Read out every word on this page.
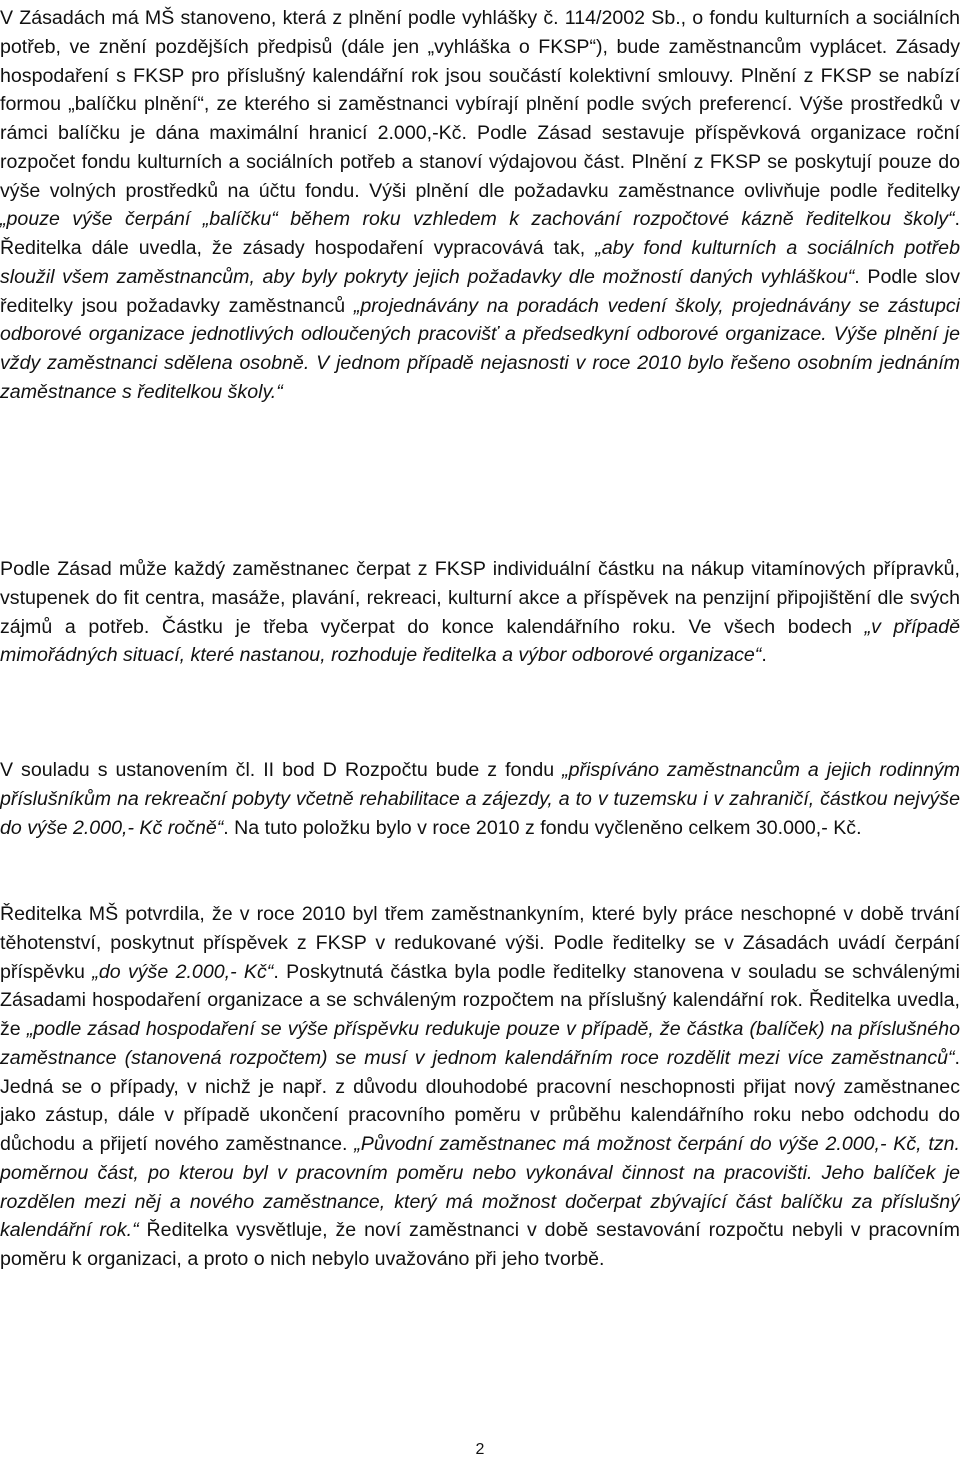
V Zásadách má MŠ stanoveno, která z plnění podle vyhlášky č. 114/2002 Sb., o fondu kulturních a sociálních potřeb, ve znění pozdějších předpisů (dále jen „vyhláška o FKSP“), bude zaměstnancům vyplácet. Zásady hospodaření s FKSP pro příslušný kalendářní rok jsou součástí kolektivní smlouvy. Plnění z FKSP se nabízí formou „balíčku plnění“, ze kterého si zaměstnanci vybírají plnění podle svých preferencí. Výše prostředků v rámci balíčku je dána maximální hranicí 2.000,-Kč. Podle Zásad sestavuje příspěvková organizace roční rozpočet fondu kulturních a sociálních potřeb a stanoví výdajovou část. Plnění z FKSP se poskytují pouze do výše volných prostředků na účtu fondu. Výši plnění dle požadavku zaměstnance ovlivňuje podle ředitelky „pouze výše čerpání „balíčku“ během roku vzhledem k zachování rozpočtové kázně ředitelkou školy“. Ředitelka dále uvedla, že zásady hospodaření vypracovává tak, „aby fond kulturních a sociálních potřeb sloužil všem zaměstnancům, aby byly pokryty jejich požadavky dle možností daných vyhláškou“. Podle slov ředitelky jsou požadavky zaměstnanců „projednávány na poradách vedení školy, projednávány se zástupci odborové organizace jednotlivých odloučených pracovišť a předsedkyní odborové organizace. Výše plnění je vždy zaměstnanci sdělena osobně. V jednom případě nejasnosti v roce 2010 bylo řešeno osobním jednáním zaměstnance s ředitelkou školy.“
Podle Zásad může každý zaměstnanec čerpat z FKSP individuální částku na nákup vitamínových přípravků, vstupenek do fit centra, masáže, plavání, rekreaci, kulturní akce a příspěvek na penzijní připojištění dle svých zájmů a potřeb. Částku je třeba vyčerpat do konce kalendářního roku. Ve všech bodech „v případě mimořádných situací, které nastanou, rozhoduje ředitelka a výbor odborové organizace“.
V souladu s ustanovením čl. II bod D Rozpočtu bude z fondu „přispíváno zaměstnancům a jejich rodinným příslušníkům na rekreační pobyty včetně rehabilitace a zájezdy, a to v tuzemsku i v zahraničí, částkou nejvýše do výše 2.000,- Kč ročně“. Na tuto položku bylo v roce 2010 z fondu vyčleněno celkem 30.000,- Kč.
Ředitelka MŠ potvrdila, že v roce 2010 byl třem zaměstnankyním, které byly práce neschopné v době trvání těhotenství, poskytnut příspěvek z FKSP v redukované výši. Podle ředitelky se v Zásadách uvádí čerpání příspěvku „do výše 2.000,- Kč“. Poskytnutá částka byla podle ředitelky stanovena v souladu se schválenými Zásadami hospodaření organizace a se schváleným rozpočtem na příslušný kalendářní rok. Ředitelka uvedla, že „podle zásad hospodaření se výše příspěvku redukuje pouze v případě, že částka (balíček) na příslušného zaměstnance (stanovená rozpočtem) se musí v jednom kalendářním roce rozdělit mezi více zaměstnanců“. Jedná se o případy, v nichž je např. z důvodu dlouhodobé pracovní neschopnosti přijat nový zaměstnanec jako zástup, dále v případě ukončení pracovního poměru v průběhu kalendářního roku nebo odchodu do důchodu a přijetí nového zaměstnance. „Původní zaměstnanec má možnost čerpání do výše 2.000,- Kč, tzn. poměrnou část, po kterou byl v pracovním poměru nebo vykonával činnost na pracovišti. Jeho balíček je rozdělen mezi něj a nového zaměstnance, který má možnost dočerpat zbývající část balíčku za příslušný kalendářní rok.“ Ředitelka vysvětluje, že noví zaměstnanci v době sestavování rozpočtu nebyli v pracovním poměru k organizaci, a proto o nich nebylo uvažováno při jeho tvorbě.
2
